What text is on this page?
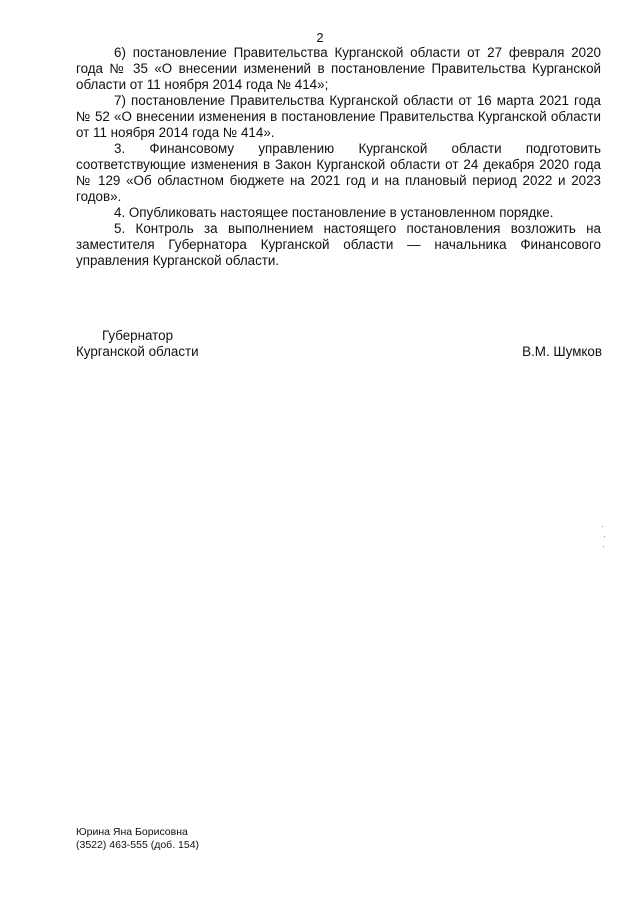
2

6) постановление Правительства Курганской области от 27 февраля 2020 года № 35 «О внесении изменений в постановление Правительства Курганской области от 11 ноября 2014 года № 414»;

7) постановление Правительства Курганской области от 16 марта 2021 года № 52 «О внесении изменения в постановление Правительства Курганской области от 11 ноября 2014 года № 414».

3. Финансовому управлению Курганской области подготовить соответствующие изменения в Закон Курганской области от 24 декабря 2020 года № 129 «Об областном бюджете на 2021 год и на плановый период 2022 и 2023 годов».

4. Опубликовать настоящее постановление в установленном порядке.

5. Контроль за выполнением настоящего постановления возложить на заместителя Губернатора Курганской области — начальника Финансового управления Курганской области.

Губернатор
Курганской области	В.М. Шумков
Юрина Яна Борисовна
(3522) 463-555 (доб. 154)
